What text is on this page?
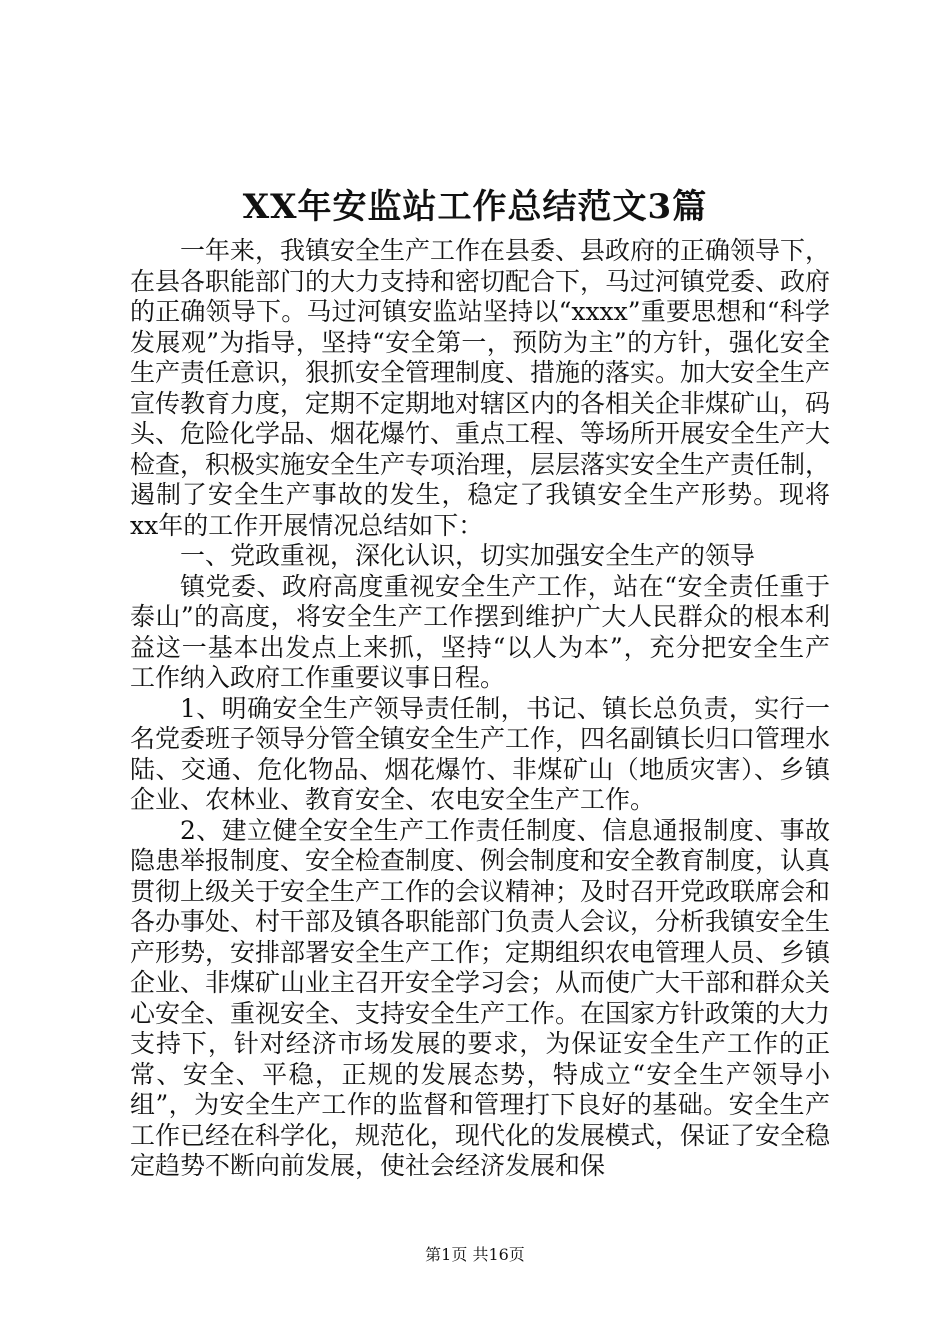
XX年安监站工作总结范文3篇

一年来，我镇安全生产工作在县委、县政府的正确领导下，在县各职能部门的大力支持和密切配合下，马过河镇党委、政府的正确领导下。马过河镇安监站坚持以“xxxx”重要思想和“科学发展观”为指导，坚持“安全第一，预防为主”的方针，强化安全生产责任意识，狠抓安全管理制度、措施的落实。加大安全生产宣传教育力度，定期不定期地对辖区内的各相关企非煤矿山，码头、危险化学品、烟花爆竹、重点工程、等场所开展安全生产大检查，积极实施安全生产专项治理，层层落实安全生产责任制，遏制了安全生产事故的发生，稳定了我镇安全生产形势。现将xx年的工作开展情况总结如下：

一、党政重视，深化认识，切实加强安全生产的领导

镇党委、政府高度重视安全生产工作，站在“安全责任重于泰山”的高度，将安全生产工作摆到维护广大人民群众的根本利益这一基本出发点上来抓，坚持“以人为本”，充分把安全生产工作纳入政府工作重要议事日程。

1、明确安全生产领导责任制，书记、镇长总负责，实行一名党委班子领导分管全镇安全生产工作，四名副镇长归口管理水陆、交通、危化物品、烟花爆竹、非煤矿山（地质灾害）、乡镇企业、农林业、教育安全、农电安全生产工作。

2、建立健全安全生产工作责任制度、信息通报制度、事故隐患举报制度、安全检查制度、例会制度和安全教育制度，认真贯彻上级关于安全生产工作的会议精神；及时召开党政联席会和各办事处、村干部及镇各职能部门负责人会议，分析我镇安全生产形势，安排部署安全生产工作；定期组织农电管理人员、乡镇企业、非煤矿山业主召开安全学习会；从而使广大干部和群众关心安全、重视安全、支持安全生产工作。在国家方针政策的大力支持下，针对经济市场发展的要求，为保证安全生产工作的正常、安全、平稳，正规的发展态势，特成立“安全生产领导小组”，为安全生产工作的监督和管理打下良好的基础。安全生产工作已经在科学化，规范化，现代化的发展模式，保证了安全稳定趋势不断向前发展，使社会经济发展和保

第1页 共16页
